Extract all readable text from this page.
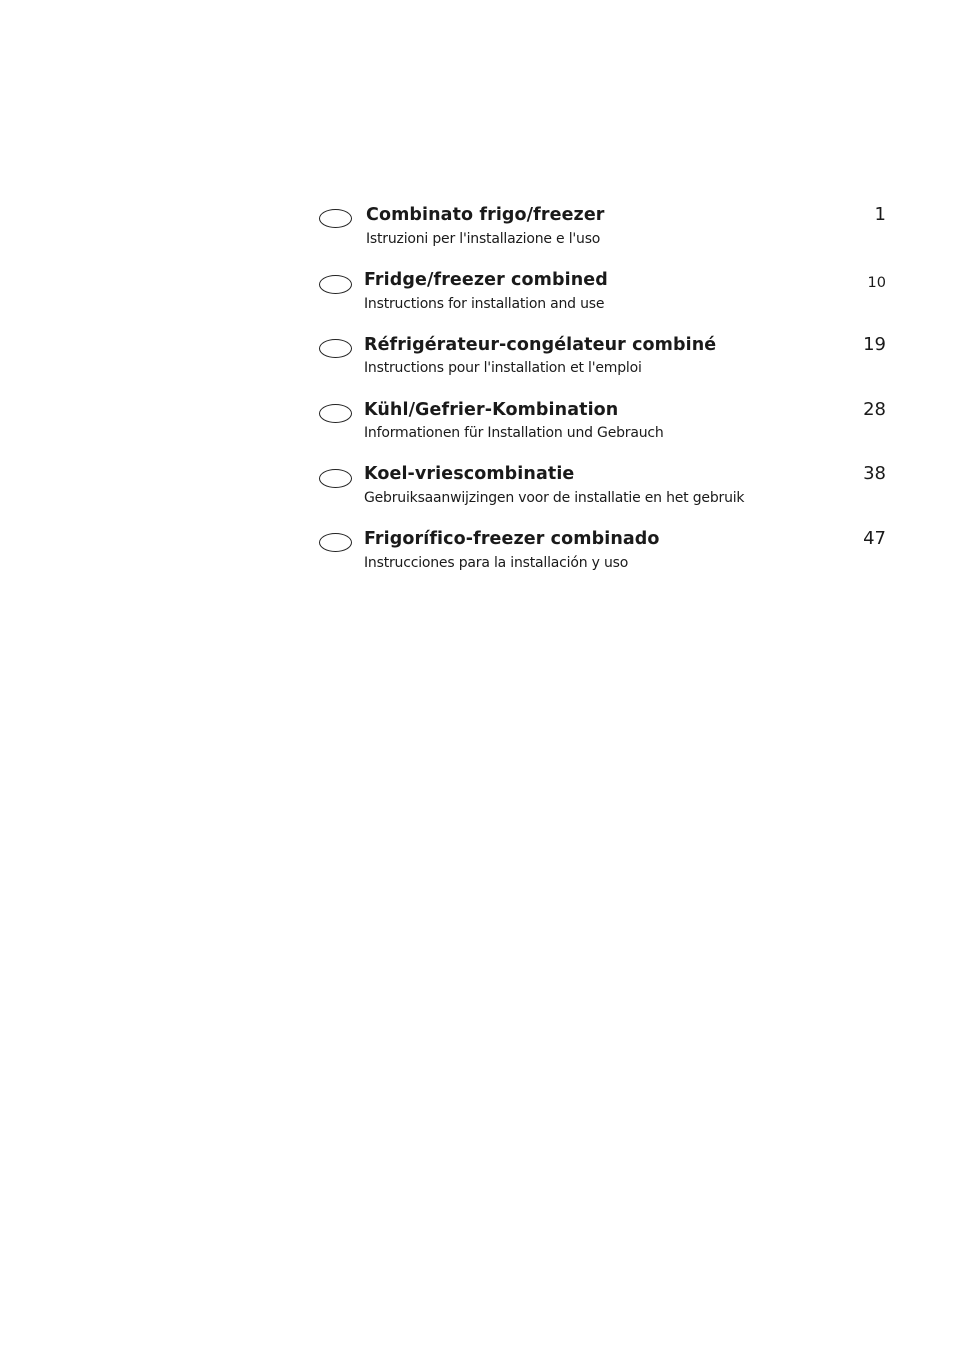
Combinato frigo/freezer
Istruzioni per l'installazione e l'uso
1
Fridge/freezer combined
Instructions for installation and use
10
Réfrigérateur-congélateur combiné
Instructions pour l'installation et l'emploi
19
Kühl/Gefrier-Kombination
Informationen für Installation und Gebrauch
28
Koel-vriescombinatie
Gebruiksaanwijzingen voor de installatie en het gebruik
38
Frigorífico-freezer combinado
Instrucciones para la installación y uso
47
